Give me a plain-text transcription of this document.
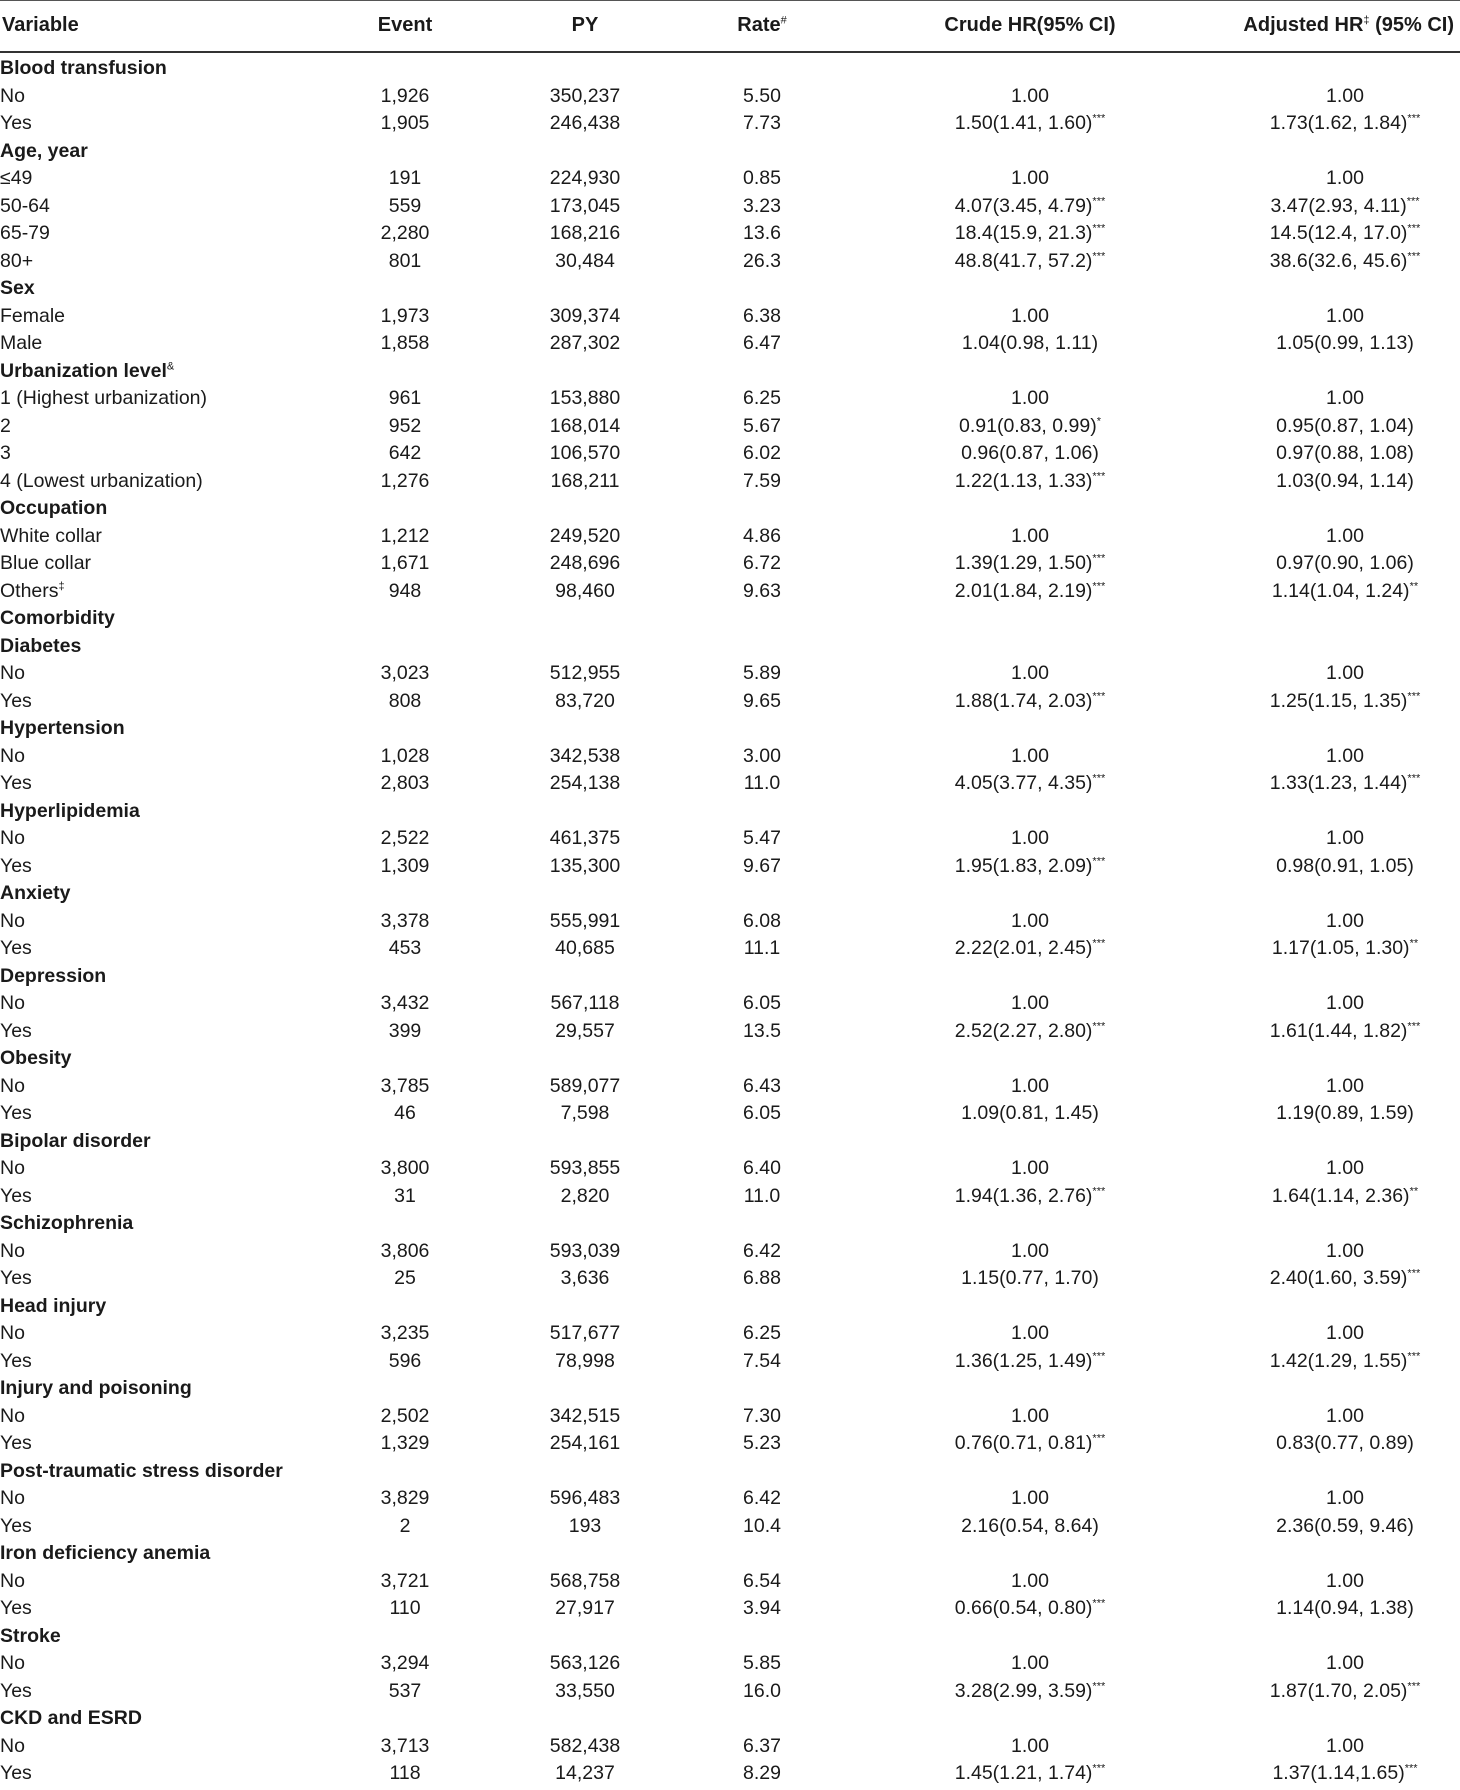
Variable	Event	PY	Rate#	Crude HR(95% CI)	Adjusted HR‡ (95% CI)
Blood transfusion
No	1,926	350,237	5.50	1.00	1.00
Yes	1,905	246,438	7.73	1.50(1.41, 1.60)***	1.73(1.62, 1.84)***
Age, year
≤49	191	224,930	0.85	1.00	1.00
50-64	559	173,045	3.23	4.07(3.45, 4.79)***	3.47(2.93, 4.11)***
65-79	2,280	168,216	13.6	18.4(15.9, 21.3)***	14.5(12.4, 17.0)***
80+	801	30,484	26.3	48.8(41.7, 57.2)***	38.6(32.6, 45.6)***
Sex
Female	1,973	309,374	6.38	1.00	1.00
Male	1,858	287,302	6.47	1.04(0.98, 1.11)	1.05(0.99, 1.13)
Urbanization level&
1 (Highest urbanization)	961	153,880	6.25	1.00	1.00
2	952	168,014	5.67	0.91(0.83, 0.99)*	0.95(0.87, 1.04)
3	642	106,570	6.02	0.96(0.87, 1.06)	0.97(0.88, 1.08)
4 (Lowest urbanization)	1,276	168,211	7.59	1.22(1.13, 1.33)***	1.03(0.94, 1.14)
Occupation
White collar	1,212	249,520	4.86	1.00	1.00
Blue collar	1,671	248,696	6.72	1.39(1.29, 1.50)***	0.97(0.90, 1.06)
Others‡	948	98,460	9.63	2.01(1.84, 2.19)***	1.14(1.04, 1.24)**
Comorbidity
Diabetes
No	3,023	512,955	5.89	1.00	1.00
Yes	808	83,720	9.65	1.88(1.74, 2.03)***	1.25(1.15, 1.35)***
Hypertension
No	1,028	342,538	3.00	1.00	1.00
Yes	2,803	254,138	11.0	4.05(3.77, 4.35)***	1.33(1.23, 1.44)***
Hyperlipidemia
No	2,522	461,375	5.47	1.00	1.00
Yes	1,309	135,300	9.67	1.95(1.83, 2.09)***	0.98(0.91, 1.05)
Anxiety
No	3,378	555,991	6.08	1.00	1.00
Yes	453	40,685	11.1	2.22(2.01, 2.45)***	1.17(1.05, 1.30)**
Depression
No	3,432	567,118	6.05	1.00	1.00
Yes	399	29,557	13.5	2.52(2.27, 2.80)***	1.61(1.44, 1.82)***
Obesity
No	3,785	589,077	6.43	1.00	1.00
Yes	46	7,598	6.05	1.09(0.81, 1.45)	1.19(0.89, 1.59)
Bipolar disorder
No	3,800	593,855	6.40	1.00	1.00
Yes	31	2,820	11.0	1.94(1.36, 2.76)***	1.64(1.14, 2.36)**
Schizophrenia
No	3,806	593,039	6.42	1.00	1.00
Yes	25	3,636	6.88	1.15(0.77, 1.70)	2.40(1.60, 3.59)***
Head injury
No	3,235	517,677	6.25	1.00	1.00
Yes	596	78,998	7.54	1.36(1.25, 1.49)***	1.42(1.29, 1.55)***
Injury and poisoning
No	2,502	342,515	7.30	1.00	1.00
Yes	1,329	254,161	5.23	0.76(0.71, 0.81)***	0.83(0.77, 0.89)
Post-traumatic stress disorder
No	3,829	596,483	6.42	1.00	1.00
Yes	2	193	10.4	2.16(0.54, 8.64)	2.36(0.59, 9.46)
Iron deficiency anemia
No	3,721	568,758	6.54	1.00	1.00
Yes	110	27,917	3.94	0.66(0.54, 0.80)***	1.14(0.94, 1.38)
Stroke
No	3,294	563,126	5.85	1.00	1.00
Yes	537	33,550	16.0	3.28(2.99, 3.59)***	1.87(1.70, 2.05)***
CKD and ESRD
No	3,713	582,438	6.37	1.00	1.00
Yes	118	14,237	8.29	1.45(1.21, 1.74)***	1.37(1.14,1.65)***
